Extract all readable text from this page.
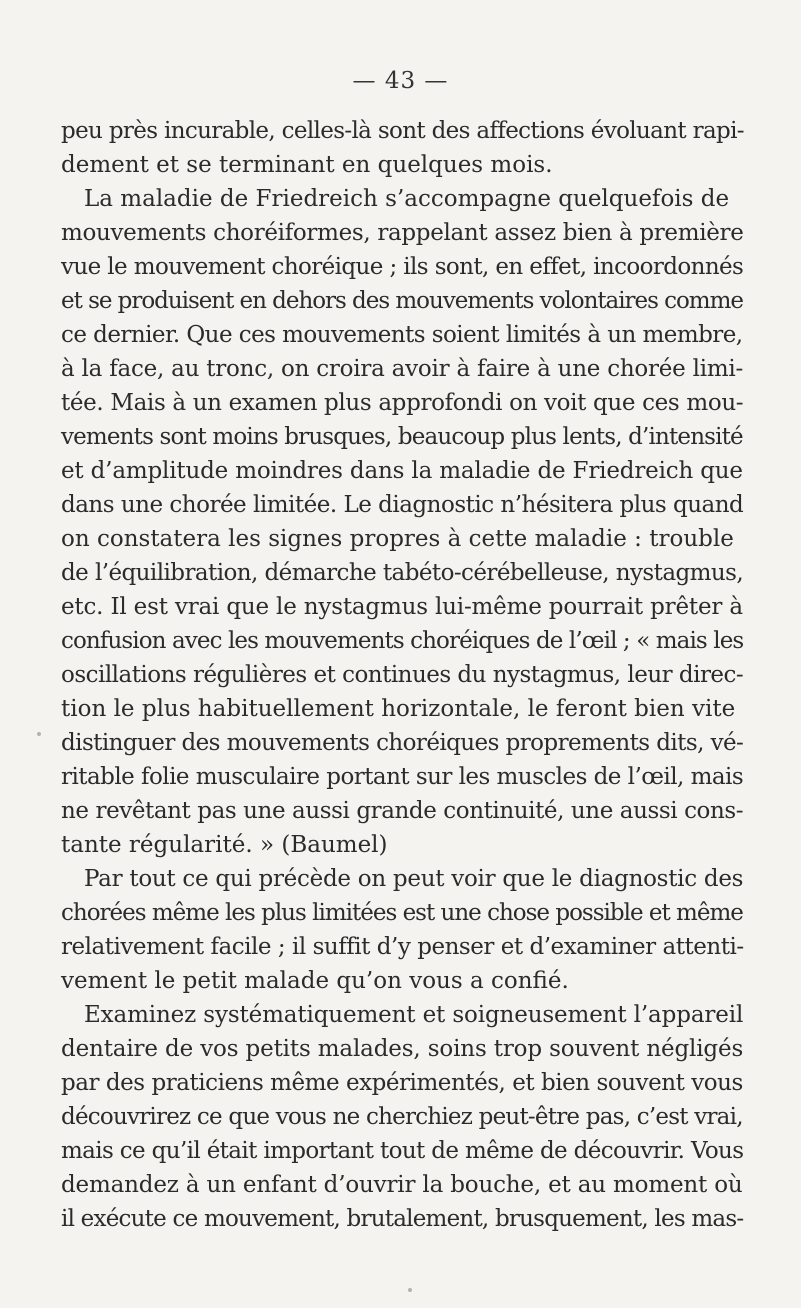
— 43 —
peu près incurable, celles-là sont des affections évoluant rapi-
dement et se terminant en quelques mois.
La maladie de Friedreich s’accompagne quelquefois de
mouvements choréiformes, rappelant assez bien à première
vue le mouvement choréique ; ils sont, en effet, incoordonnés
et se produisent en dehors des mouvements volontaires comme
ce dernier. Que ces mouvements soient limités à un membre,
à la face, au tronc, on croira avoir à faire à une chorée limi-
tée. Mais à un examen plus approfondi on voit que ces mou-
vements sont moins brusques, beaucoup plus lents, d’intensité
et d’amplitude moindres dans la maladie de Friedreich que
dans une chorée limitée. Le diagnostic n’hésitera plus quand
on constatera les signes propres à cette maladie : trouble
de l’équilibration, démarche tabéto-cérébelleuse, nystagmus,
etc. Il est vrai que le nystagmus lui-même pourrait prêter à
confusion avec les mouvements choréiques de l’œil ; « mais les
oscillations régulières et continues du nystagmus, leur direc-
tion le plus habituellement horizontale, le feront bien vite
distinguer des mouvements choréiques proprements dits, vé-
ritable folie musculaire portant sur les muscles de l’œil, mais
ne revêtant pas une aussi grande continuité, une aussi cons-
tante régularité. » (Baumel)
Par tout ce qui précède on peut voir que le diagnostic des
chorées même les plus limitées est une chose possible et même
relativement facile ; il suffit d’y penser et d’examiner attenti-
vement le petit malade qu’on vous a confié.
Examinez systématiquement et soigneusement l’appareil
dentaire de vos petits malades, soins trop souvent négligés
par des praticiens même expérimentés, et bien souvent vous
découvrirez ce que vous ne cherchiez peut-être pas, c’est vrai,
mais ce qu’il était important tout de même de découvrir. Vous
demandez à un enfant d’ouvrir la bouche, et au moment où
il exécute ce mouvement, brutalement, brusquement, les mas-
